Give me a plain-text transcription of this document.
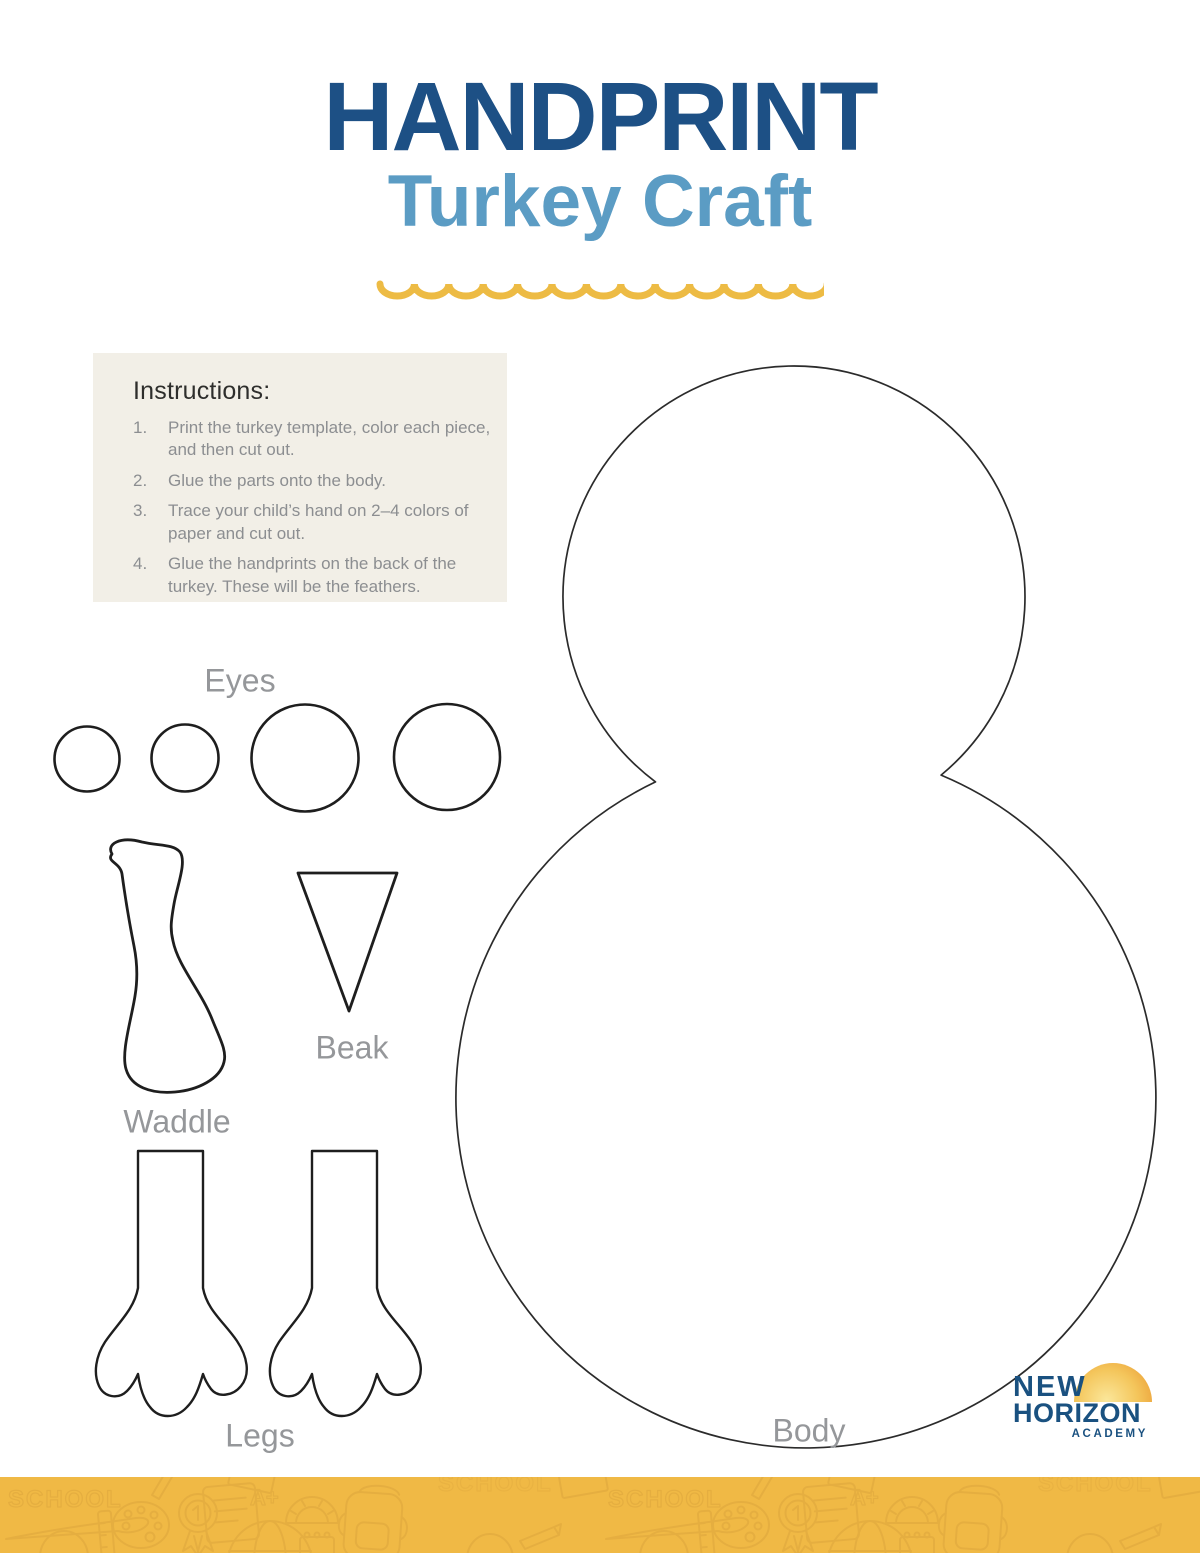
HANDPRINT
Turkey Craft
Instructions:
1.	Print the turkey template, color each piece, and then cut out.
2.	Glue the parts onto the body.
3.	Trace your child’s hand on 2–4 colors of paper and cut out.
4.	Glue the handprints on the back of the turkey. These will be the feathers.
Eyes
Waddle
Beak
Legs	Body
NEW
HORIZON
ACADEMY
